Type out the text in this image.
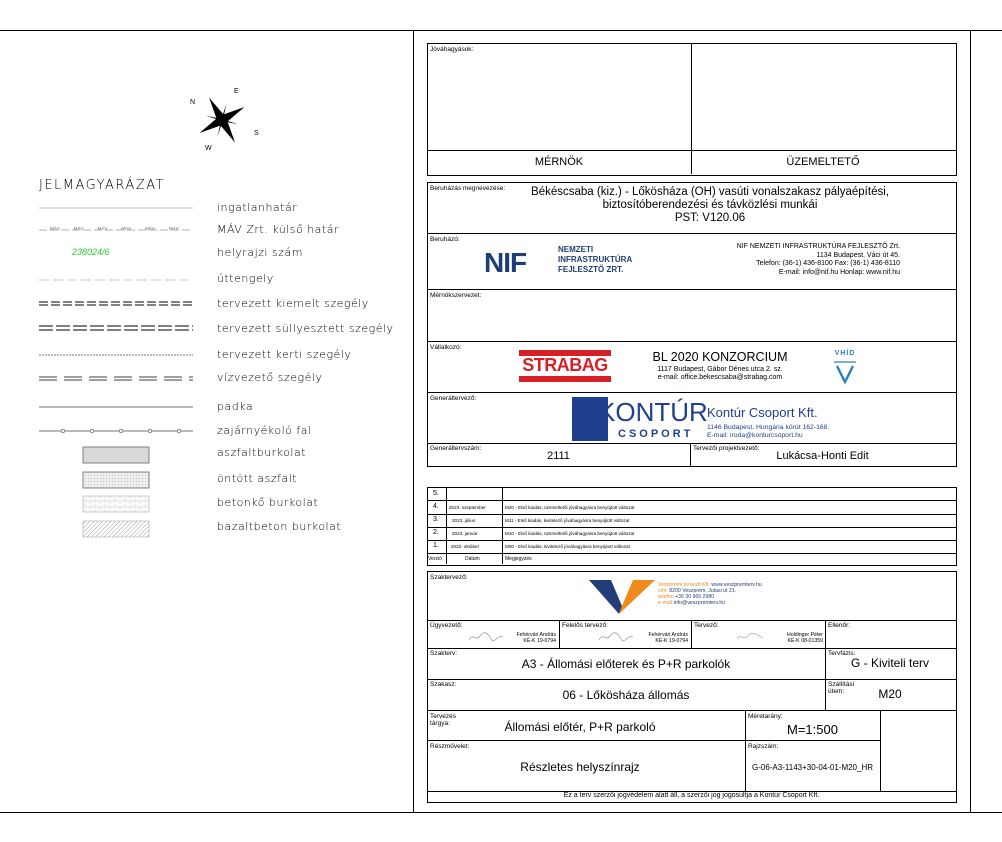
N
E
S
W
JELMAGYARÁZAT
MÁV	MÁV	MÁV	MÁV	MÁV	MÁV
238024/6
ingatlanhatár
MÁV Zrt. külső határ
helyrajzi szám
úttengely
tervezett kiemelt szegély
tervezett süllyesztett szegély
tervezett kerti szegély
vízvezető szegély
padka
zajárnyékoló fal
aszfaltburkolat
öntött aszfalt
betonkő burkolat
bazaltbeton burkolat
Jóváhagyások:
MÉRNÖK	ÜZEMELTETŐ
Beruházás megnevezése:	Békéscsaba (kiz.) - Lőkösháza (OH) vasúti vonalszakasz pályaépítési,
biztosítóberendezési és távközlési munkái
PST: V120.06
Beruházó:
NIF	NEMZETI
INFRASTRUKTÚRA
FEJLESZTŐ ZRT.
NIF NEMZETI INFRASTRUKTÚRA FEJLESZTŐ Zrt.
1134 Budapest, Váci út 45.
Telefon: (36-1) 436-8100 Fax: (36-1) 436-8110
E-mail: info@nif.hu Honlap: www.nif.hu
Mérnökszervezet:
Vállalkozó:
STRABAG	BL 2020 KONZORCIUM
1117 Budapest, Gábor Dénes utca 2. sz.
e-mail: office.bekescsaba@strabag.com
VHÍD
Generáltervező:	KONTÚR
CSOPORT
Kontúr Csoport Kft.
1146 Budapest, Hungária körút 162-168.
E-mail: iroda@konturcsoport.hu
Generáltervszám:
2111
Tervezői projektvezető:
Lukácsa-Honti Edit
5.
4. 2023. szeptember	M20 - Első kiadás, üzemeltetői jóváhagyásra benyújtott változat
3.	2023. július	M11 - Első kiadás, kivitelező jóváhagyásra benyújtott változat
2.	2023. január	M10 - Első kiadás, üzemeltetői jóváhagyásra benyújtott változat
1.	2022. október	M00 - Első kiadás, kivitelező jóváhagyásra benyújtott változat
Verzió	Dátum	Megjegyzés
Szaktervező:
Veszprémi tervező Kft. www.veszpremterv.hu
cím: 8200 Veszprém, Jutasi út 21.
telefon +36 30 965 2980
e-mail info@veszpremterv.hu
Ügyvezető:
Fehérvári András
KÉ-K 19-0794
Felelős tervező:
Fehérvári András
KÉ-K 19-0794
Tervező:
Holdinger Péter
KÉ-K 08-01359
Ellenőr:
Szakterv:
A3 - Állomási előterek és P+R parkolók
Tervfázis:
G - Kiviteli terv
Szakasz:
06 - Lőkösháza állomás
Szállítási
ütem:	M20
Tervezés
tárgya:	Állomási előtér, P+R parkoló
Méretarány:
M=1:500
Részművelet:
Részletes helyszínrajz
Rajzszám:
G-06-A3-1143+30-04-01-M20_HR
Ez a terv szerzői jogvédelem alatt áll, a szerzői jog jogosultja a Kontúr Csoport Kft.
